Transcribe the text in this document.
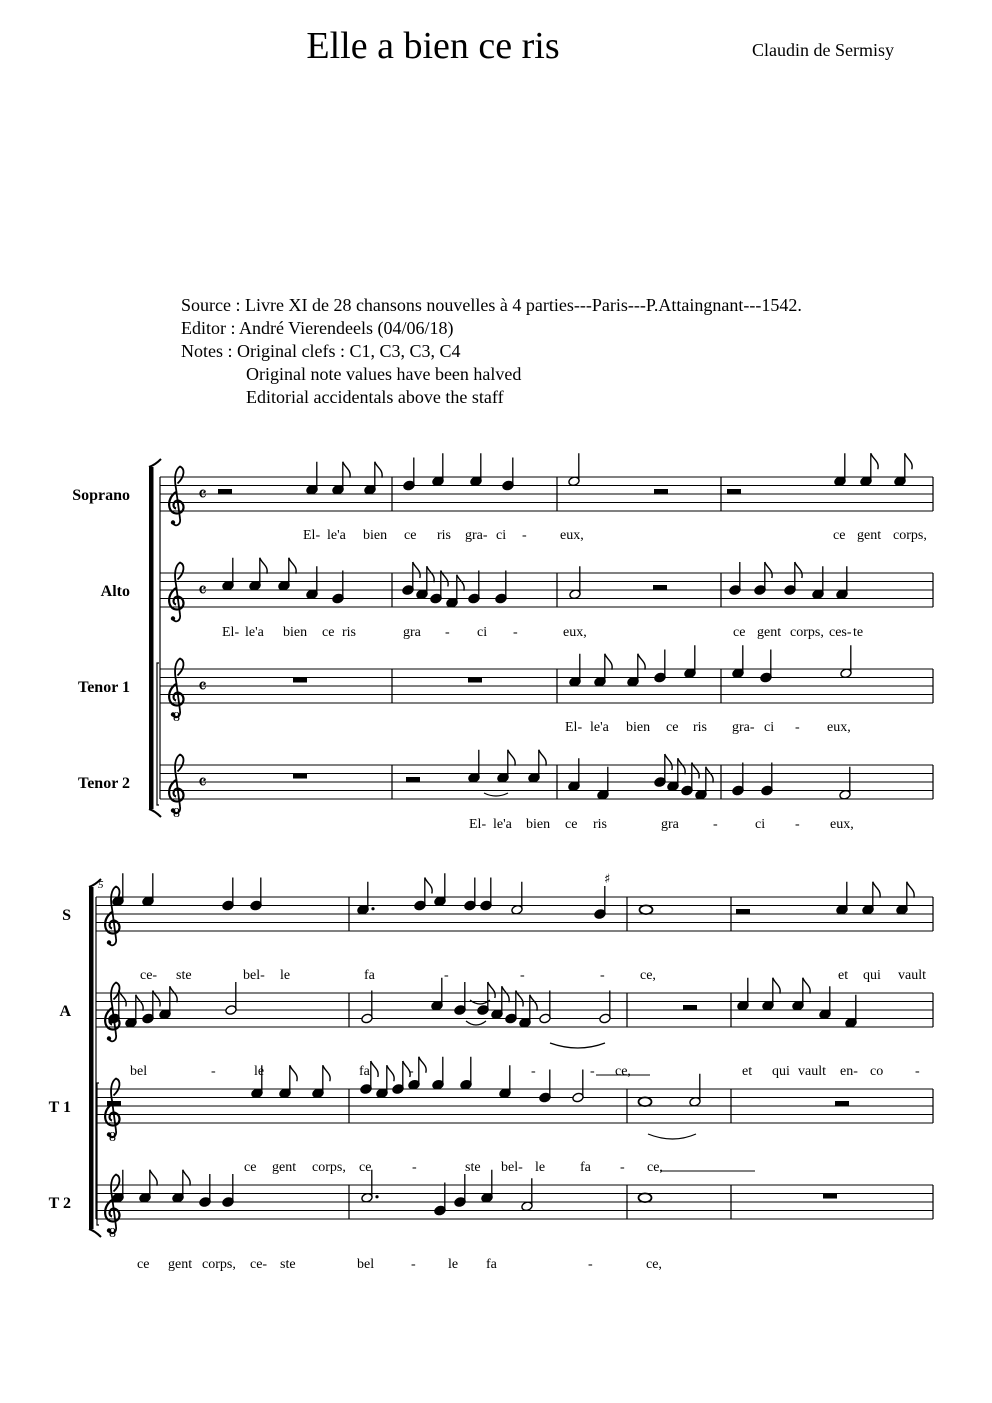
Elle a bien ce ris	Claudin de Sermisy
Source : Livre XI de 28 chansons nouvelles à 4 parties---Paris---P.Attaingnant---1542.
Editor : André Vierendeels (04/06/18)
Notes : Original clefs : C1, C3, C3, C4
Original note values have been halved
Editorial accidentals above the staff
𝄴
Soprano
El- le'a bien ce ris gra- ci - eux,	ce gent corps,
𝄴
Alto
El- le'a bien ce ris	gra - ci -	eux,	ce gent corps, ces- te
8
𝄴
Tenor 1
El- le'a bien ce ris gra- ci - eux,
8
𝄴
Tenor 2
El- le'a bien ce ris	gra -	ci - eux,
5
S
ce- ste	bel- le	fa	-	-	-	ce,	et qui vault
A
bel	-	le	fa	-	-	- ce,	et qui vault en- co -
8
T 1
ce gent corps, ce	-	ste bel- le fa - ce,
8
T 2
ce gent corps, ce- ste	bel	- le fa	-	ce,
♯
